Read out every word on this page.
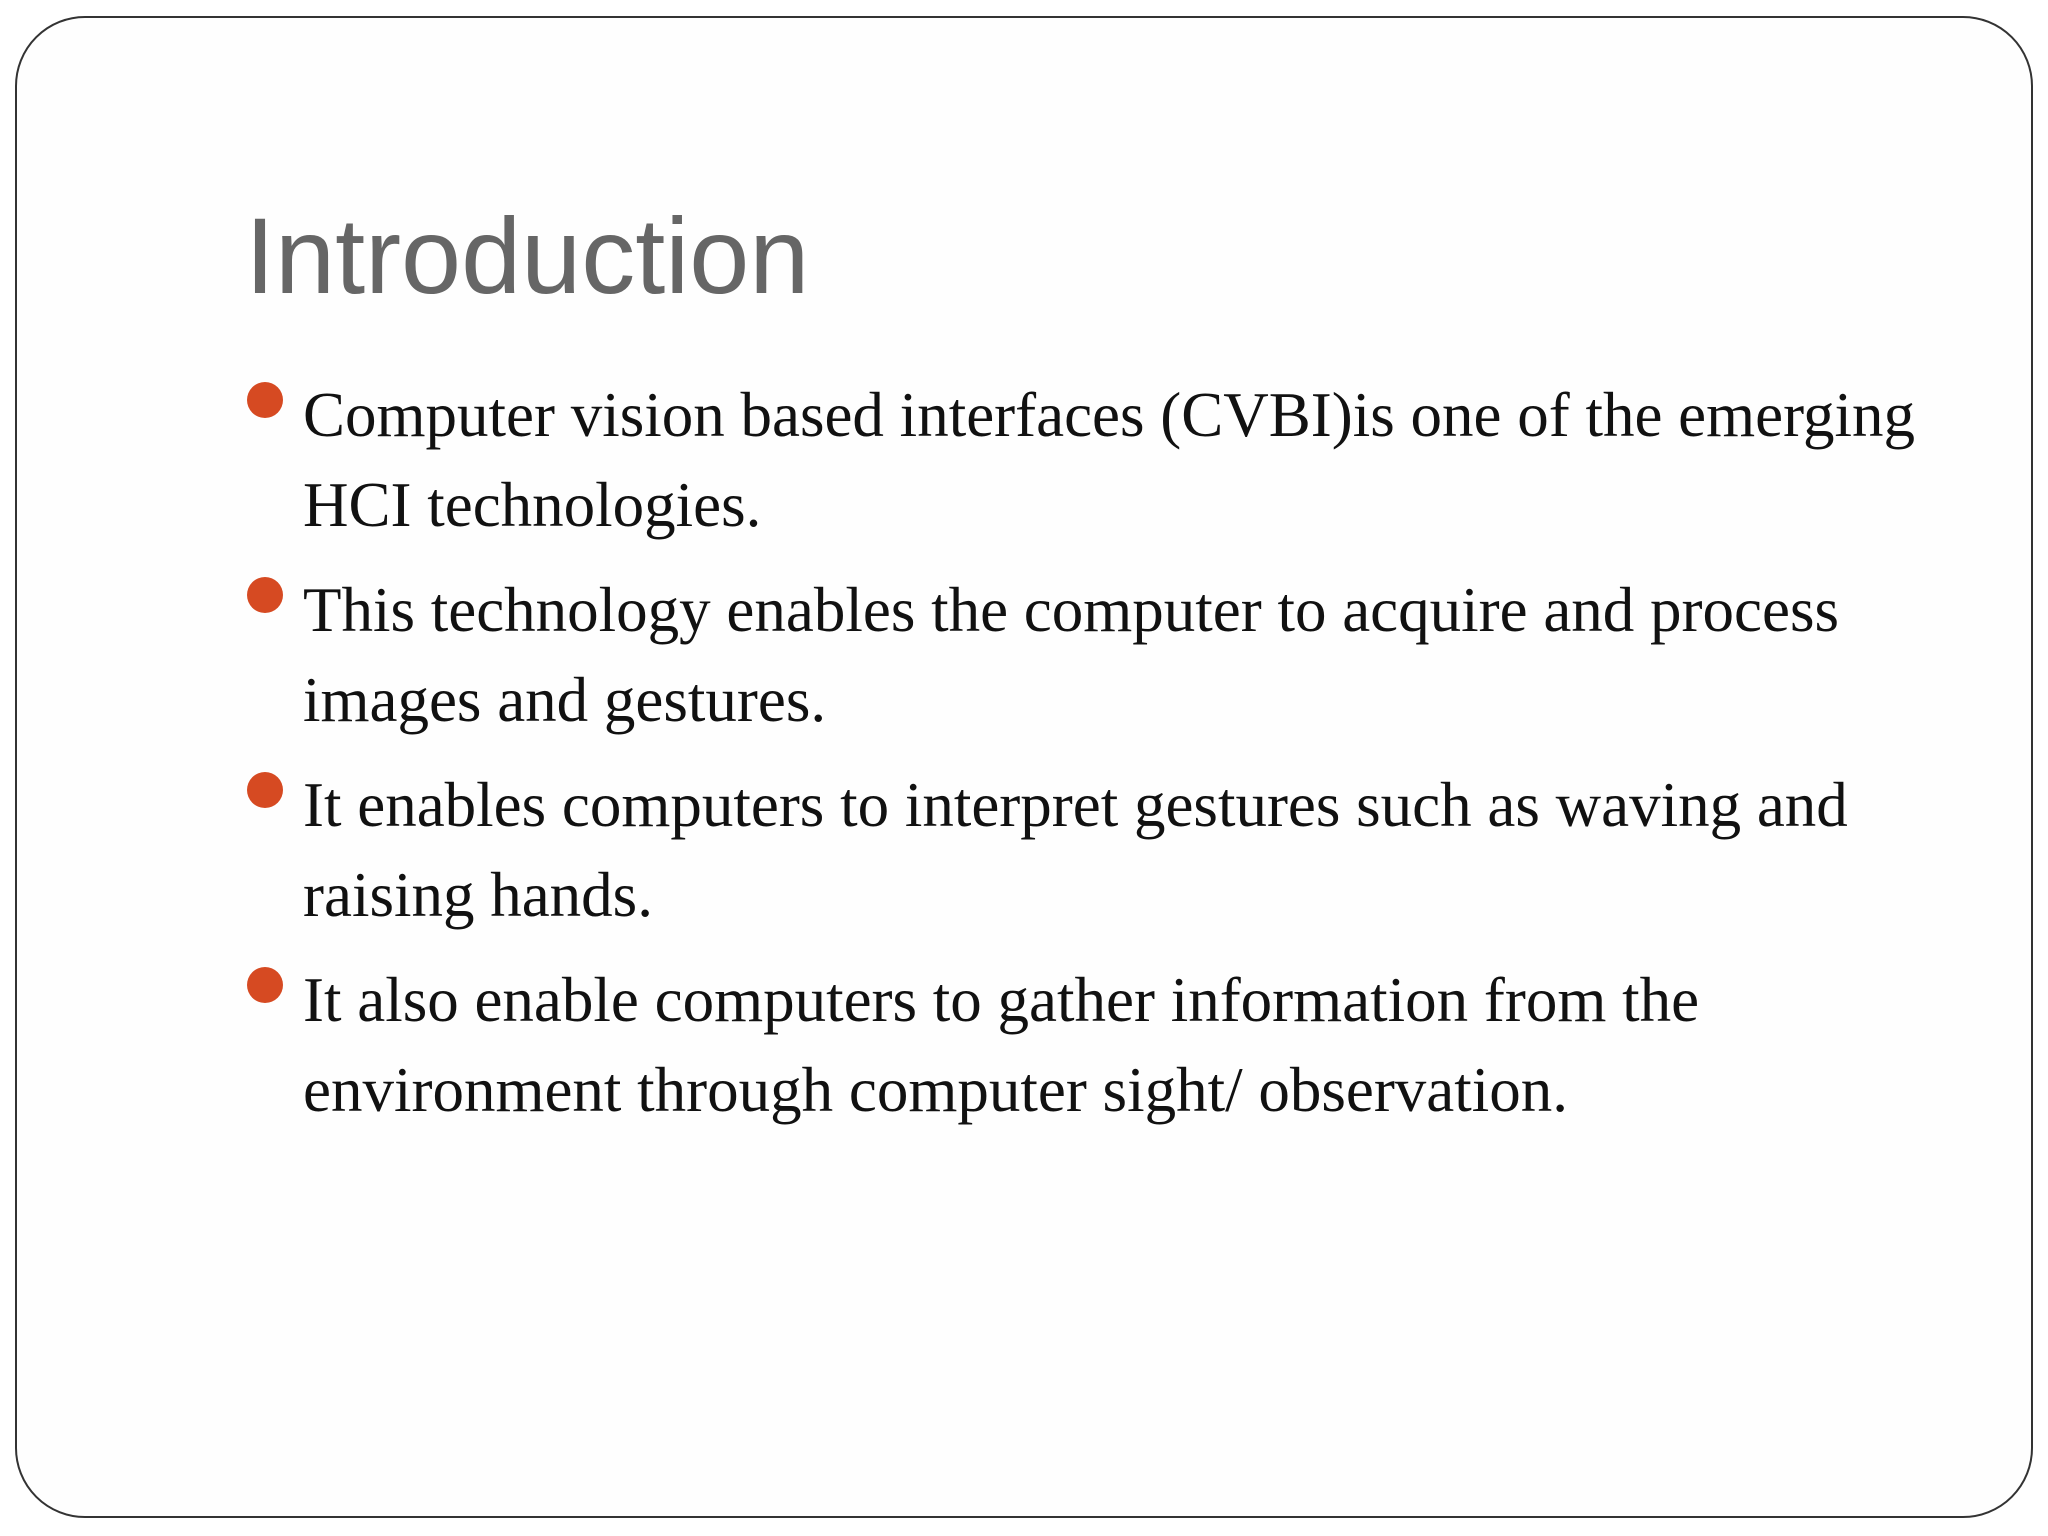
Introduction
Computer vision based interfaces (CVBI)is one of the emerging HCI technologies.
This technology enables the computer to acquire and process images and gestures.
It enables computers to interpret gestures such as waving and raising hands.
It also enable computers to gather information from the environment through computer sight/ observation.
